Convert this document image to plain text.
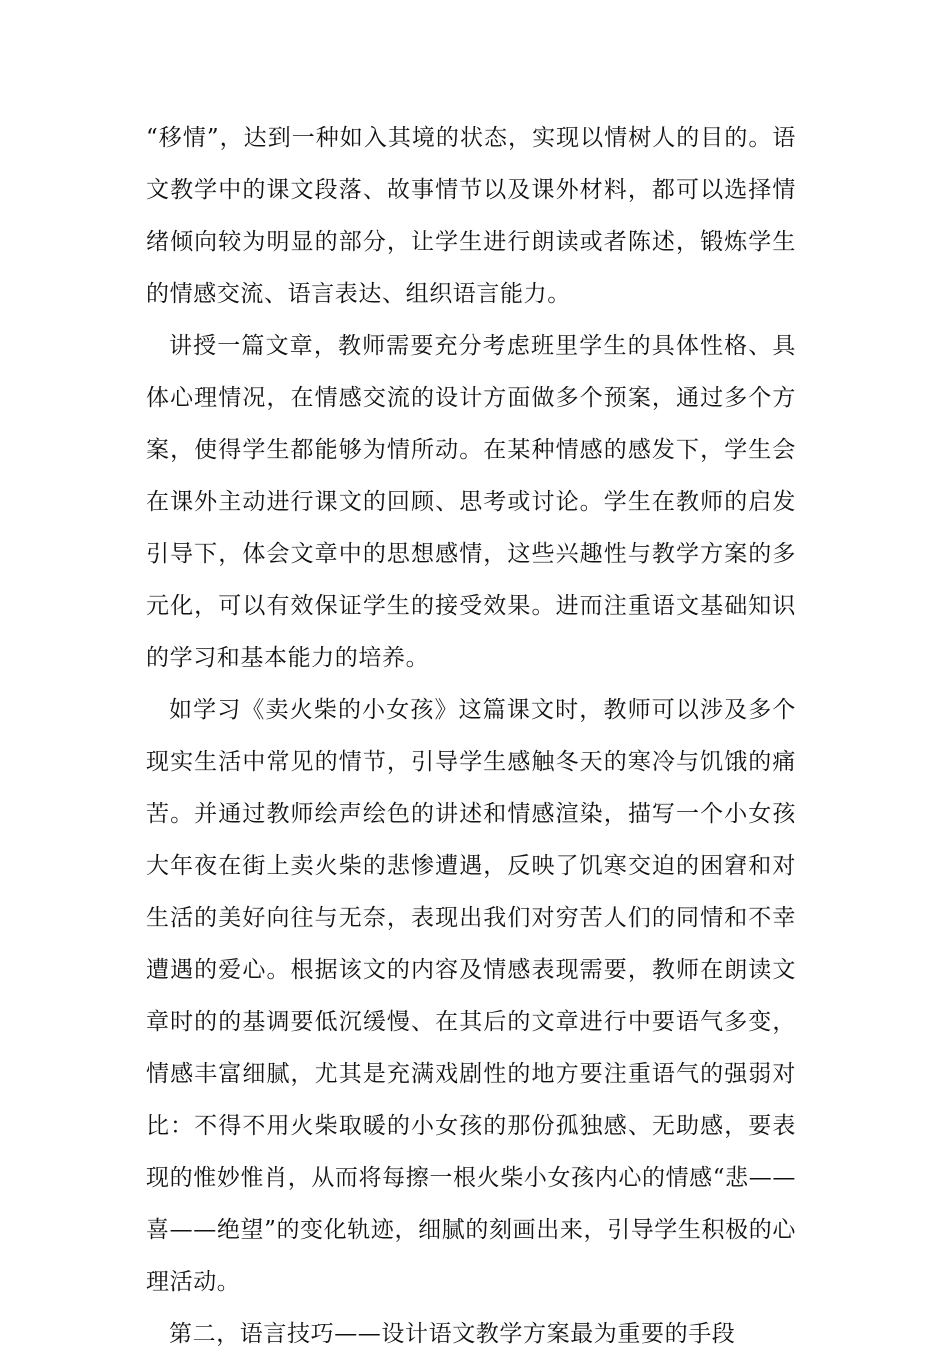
“移情”，达到一种如入其境的状态，实现以情树人的目的。语文教学中的课文段落、故事情节以及课外材料，都可以选择情绪倾向较为明显的部分，让学生进行朗读或者陈述，锻炼学生的情感交流、语言表达、组织语言能力。

讲授一篇文章，教师需要充分考虑班里学生的具体性格、具体心理情况，在情感交流的设计方面做多个预案，通过多个方案，使得学生都能够为情所动。在某种情感的感发下，学生会在课外主动进行课文的回顾、思考或讨论。学生在教师的启发引导下，体会文章中的思想感情，这些兴趣性与教学方案的多元化，可以有效保证学生的接受效果。进而注重语文基础知识的学习和基本能力的培养。

如学习《卖火柴的小女孩》这篇课文时，教师可以涉及多个现实生活中常见的情节，引导学生感触冬天的寒冷与饥饿的痛苦。并通过教师绘声绘色的讲述和情感渲染，描写一个小女孩大年夜在街上卖火柴的悲惨遭遇，反映了饥寒交迫的困窘和对生活的美好向往与无奈，表现出我们对穷苦人们的同情和不幸遭遇的爱心。根据该文的内容及情感表现需要，教师在朗读文章时的的基调要低沉缓慢、在其后的文章进行中要语气多变，情感丰富细腻，尤其是充满戏剧性的地方要注重语气的强弱对比：不得不用火柴取暖的小女孩的那份孤独感、无助感，要表现的惟妙惟肖，从而将每擦一根火柴小女孩内心的情感“悲——喜——绝望”的变化轨迹，细腻的刻画出来，引导学生积极的心理活动。

第二，语言技巧——设计语文教学方案最为重要的手段
